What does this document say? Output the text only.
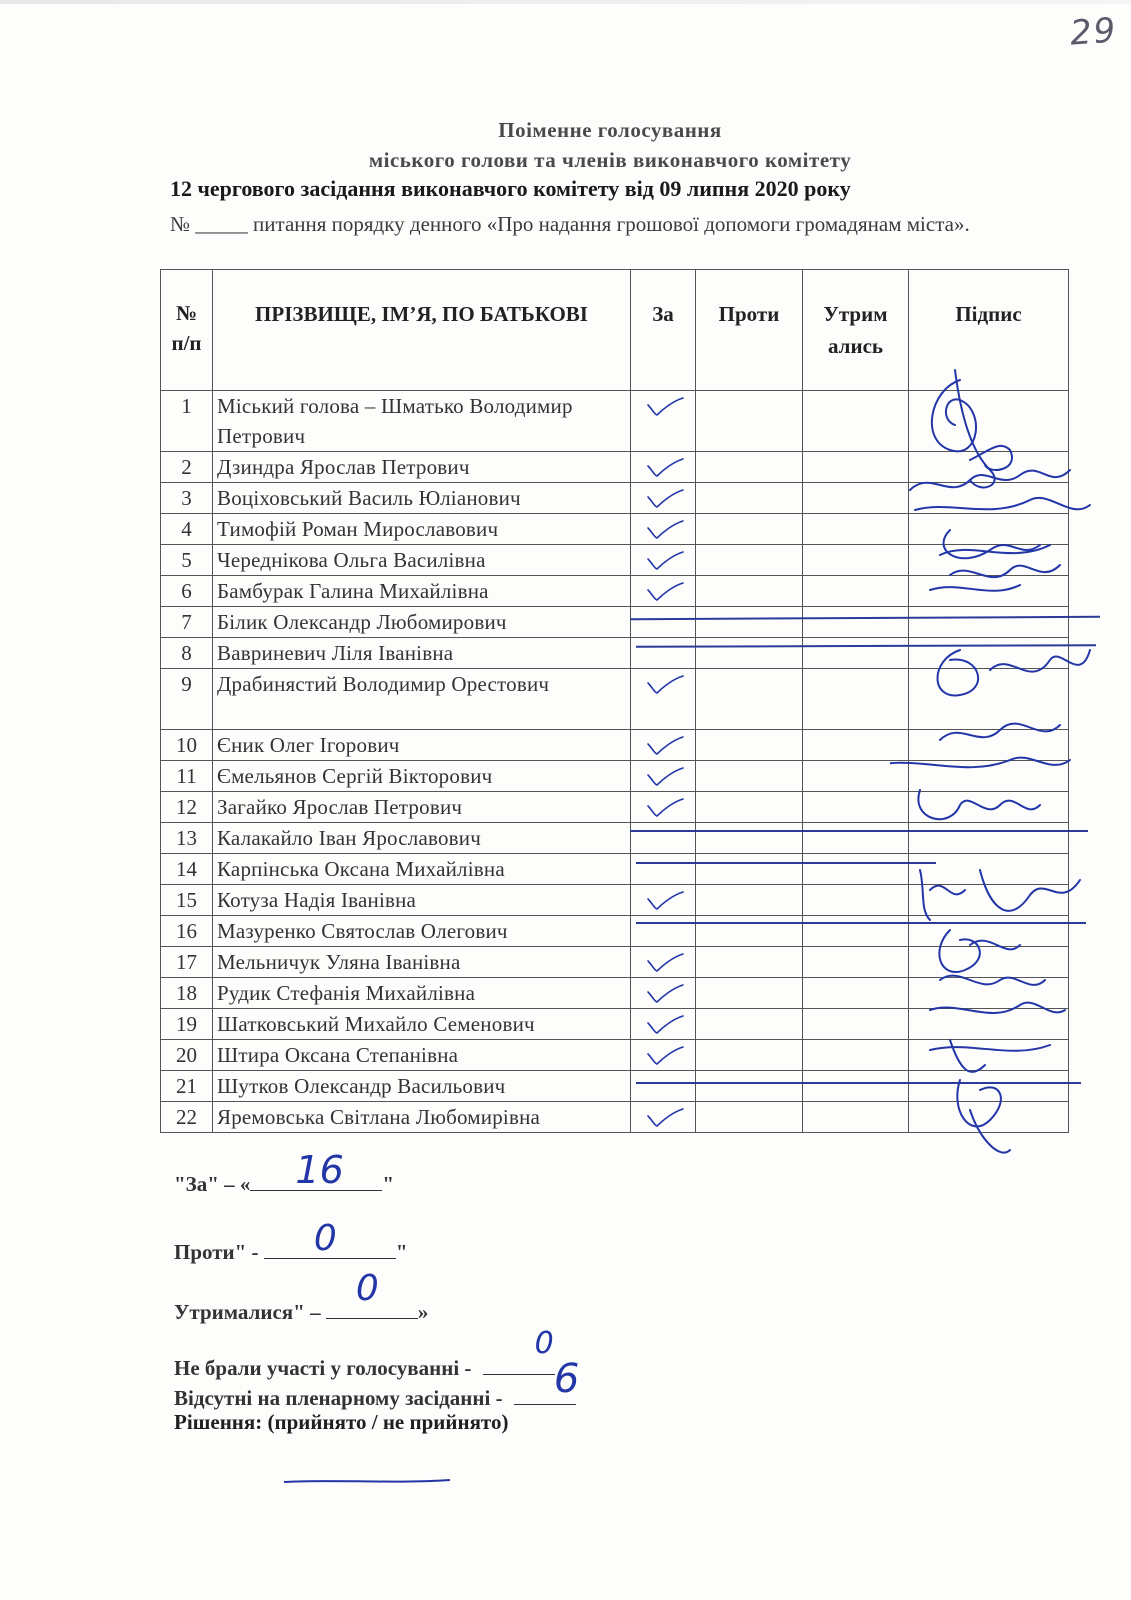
29
Поіменне голосування
міського голови та членів виконавчого комітету
12 чергового засідання виконавчого комітету від 09 липня 2020 року
№ _____ питання порядку денного «Про надання грошової допомоги громадянам міста».
№ п/п	ПРІЗВИЩЕ, ІМ’Я, ПО БАТЬКОВІ	За	Проти	Утрим ались	Підпис
1	Міський голова – Шматько Володимир Петрович	

2	Дзиндра Ярослав Петрович	

3	Воціховський Василь Юліанович	

4	Тимофій Роман Мирославович	

5	Череднікова Ольга Василівна	

6	Бамбурак Галина Михайлівна	

7	Білик Олександр Любомирович				
8	Вавриневич Ліля Іванівна				
9	Драбинястий Володимир Орестович	

10	Єник Олег Ігорович	

11	Ємельянов Сергій Вікторович	

12	Загайко Ярослав Петрович	

13	Калакайло Іван Ярославович				
14	Карпінська Оксана Михайлівна				
15	Котуза Надія Іванівна	

16	Мазуренко Святослав Олегович				
17	Мельничук Уляна Іванівна	

18	Рудик Стефанія Михайлівна	

19	Шатковський Михайло Семенович	

20	Штира Оксана Степанівна	

21	Шутков Олександр Васильович				
22	Яремовська Світлана Любомирівна	

"За" – « 16 "
Проти" - 0	"
Утрималися" –
0
»
Не брали участі у голосуванні -
0
Відсутні на пленарному засіданні - 6
Рішення: (прийнято / не прийнято)
